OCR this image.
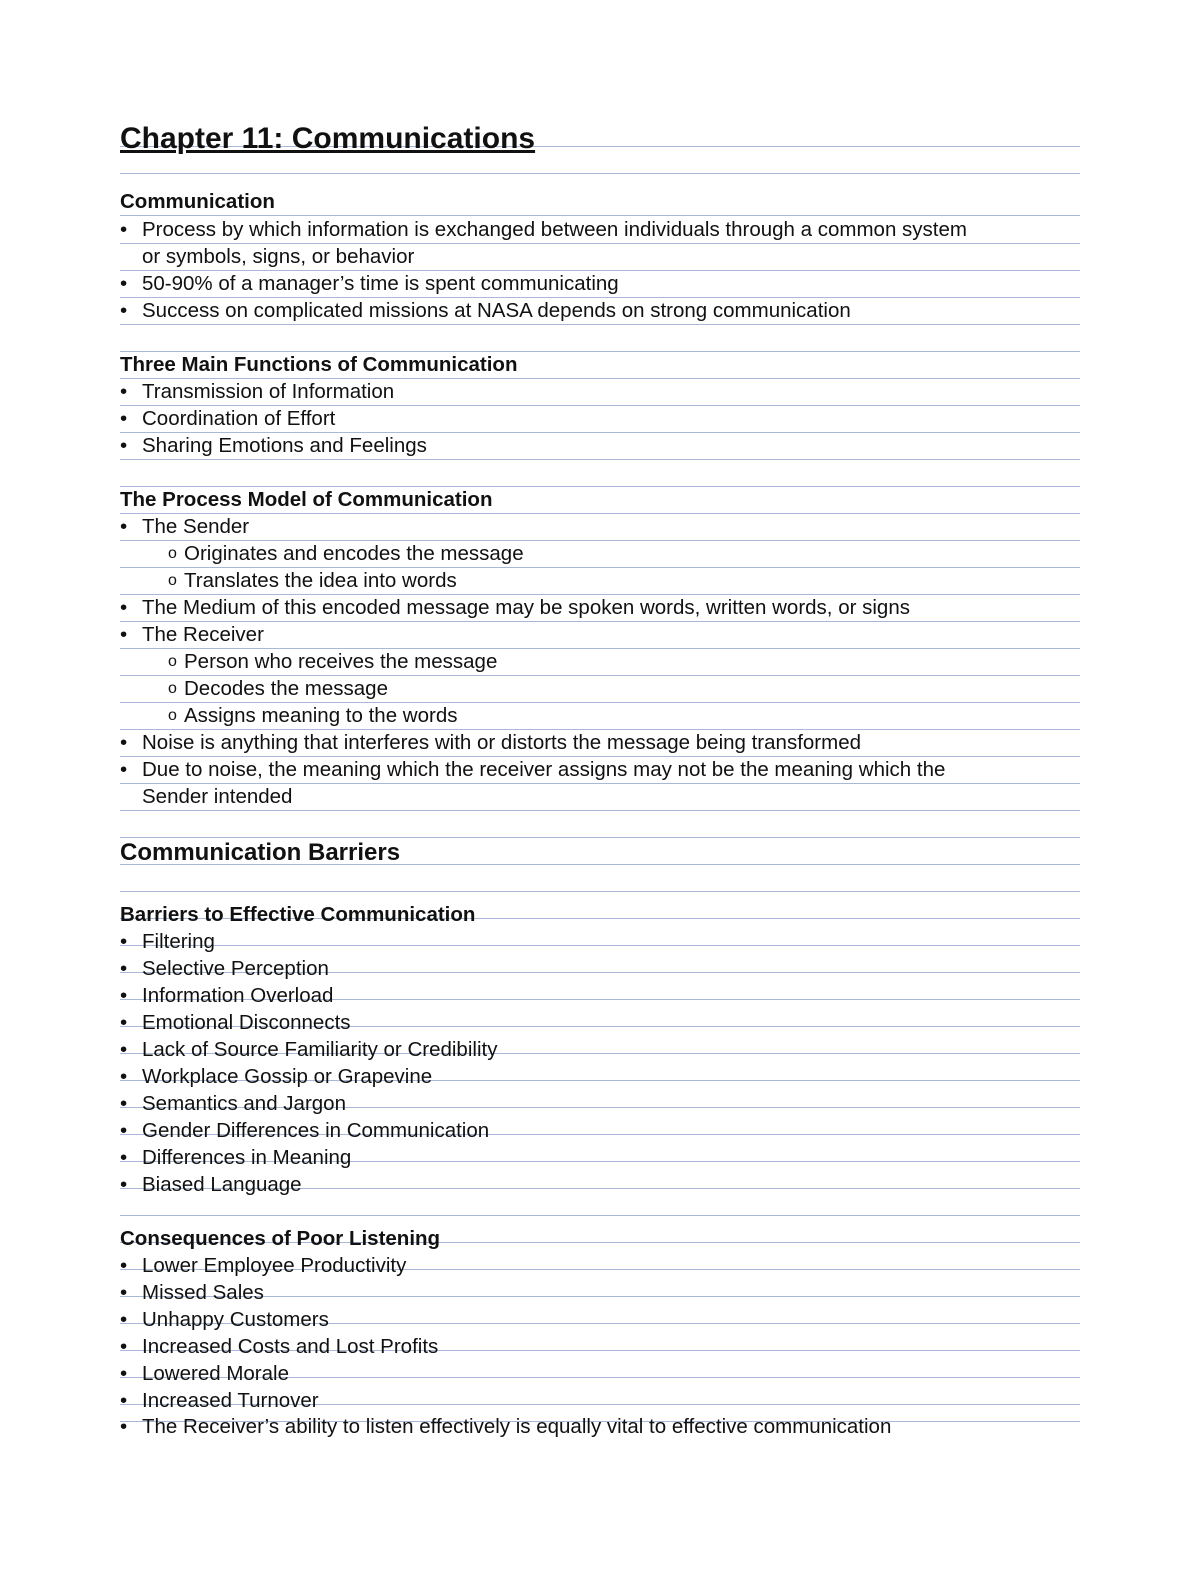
Chapter 11: Communications
Communication
• Process by which information is exchanged between individuals through a common system
or symbols, signs, or behavior
• 50-90% of a manager’s time is spent communicating
• Success on complicated missions at NASA depends on strong communication
Three Main Functions of Communication
• Transmission of Information
• Coordination of Effort
• Sharing Emotions and Feelings
The Process Model of Communication
• The Sender
o Originates and encodes the message
o Translates the idea into words
• The Medium of this encoded message may be spoken words, written words, or signs
• The Receiver
o Person who receives the message
o Decodes the message
o Assigns meaning to the words
• Noise is anything that interferes with or distorts the message being transformed
• Due to noise, the meaning which the receiver assigns may not be the meaning which the
Sender intended
Communication Barriers
Barriers to Effective Communication
• Filtering
• Selective Perception
• Information Overload
• Emotional Disconnects
• Lack of Source Familiarity or Credibility
• Workplace Gossip or Grapevine
• Semantics and Jargon
• Gender Differences in Communication
• Differences in Meaning
• Biased Language
Consequences of Poor Listening
• Lower Employee Productivity
• Missed Sales
• Unhappy Customers
• Increased Costs and Lost Profits
• Lowered Morale
• Increased Turnover
• The Receiver’s ability to listen effectively is equally vital to effective communication
